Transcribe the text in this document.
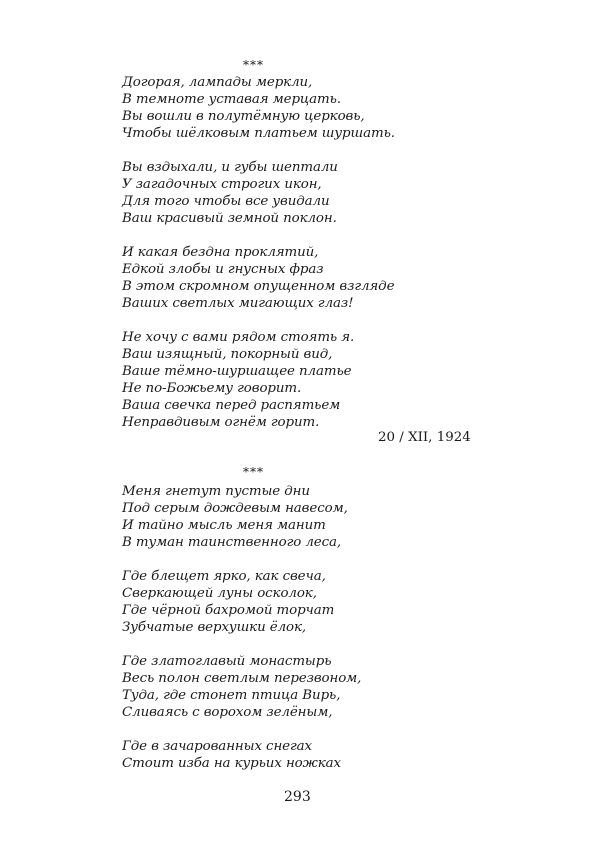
***
Догорая, лампады меркли,
В темноте уставая мерцать.
Вы вошли в полутёмную церковь,
Чтобы шёлковым платьем шуршать.
Вы вздыхали, и губы шептали
У загадочных строгих икон,
Для того чтобы все увидали
Ваш красивый земной поклон.
И какая бездна проклятий,
Едкой злобы и гнусных фраз
В этом скромном опущенном взгляде
Ваших светлых мигающих глаз!
Не хочу с вами рядом стоять я.
Ваш изящный, покорный вид,
Ваше тёмно-шуршащее платье
Не по-Божьему говорит.
Ваша свечка перед распятьем
Неправдивым огнём горит.
20 / XII, 1924
***
Меня гнетут пустые дни
Под серым дождевым навесом,
И тайно мысль меня манит
В туман таинственного леса,
Где блещет ярко, как свеча,
Сверкающей луны осколок,
Где чёрной бахромой торчат
Зубчатые верхушки ёлок,
Где златоглавый монастырь
Весь полон светлым перезвоном,
Туда, где стонет птица Вирь,
Сливаясь с ворохом зелёным,
Где в зачарованных снегах
Стоит изба на курьих ножках
293
